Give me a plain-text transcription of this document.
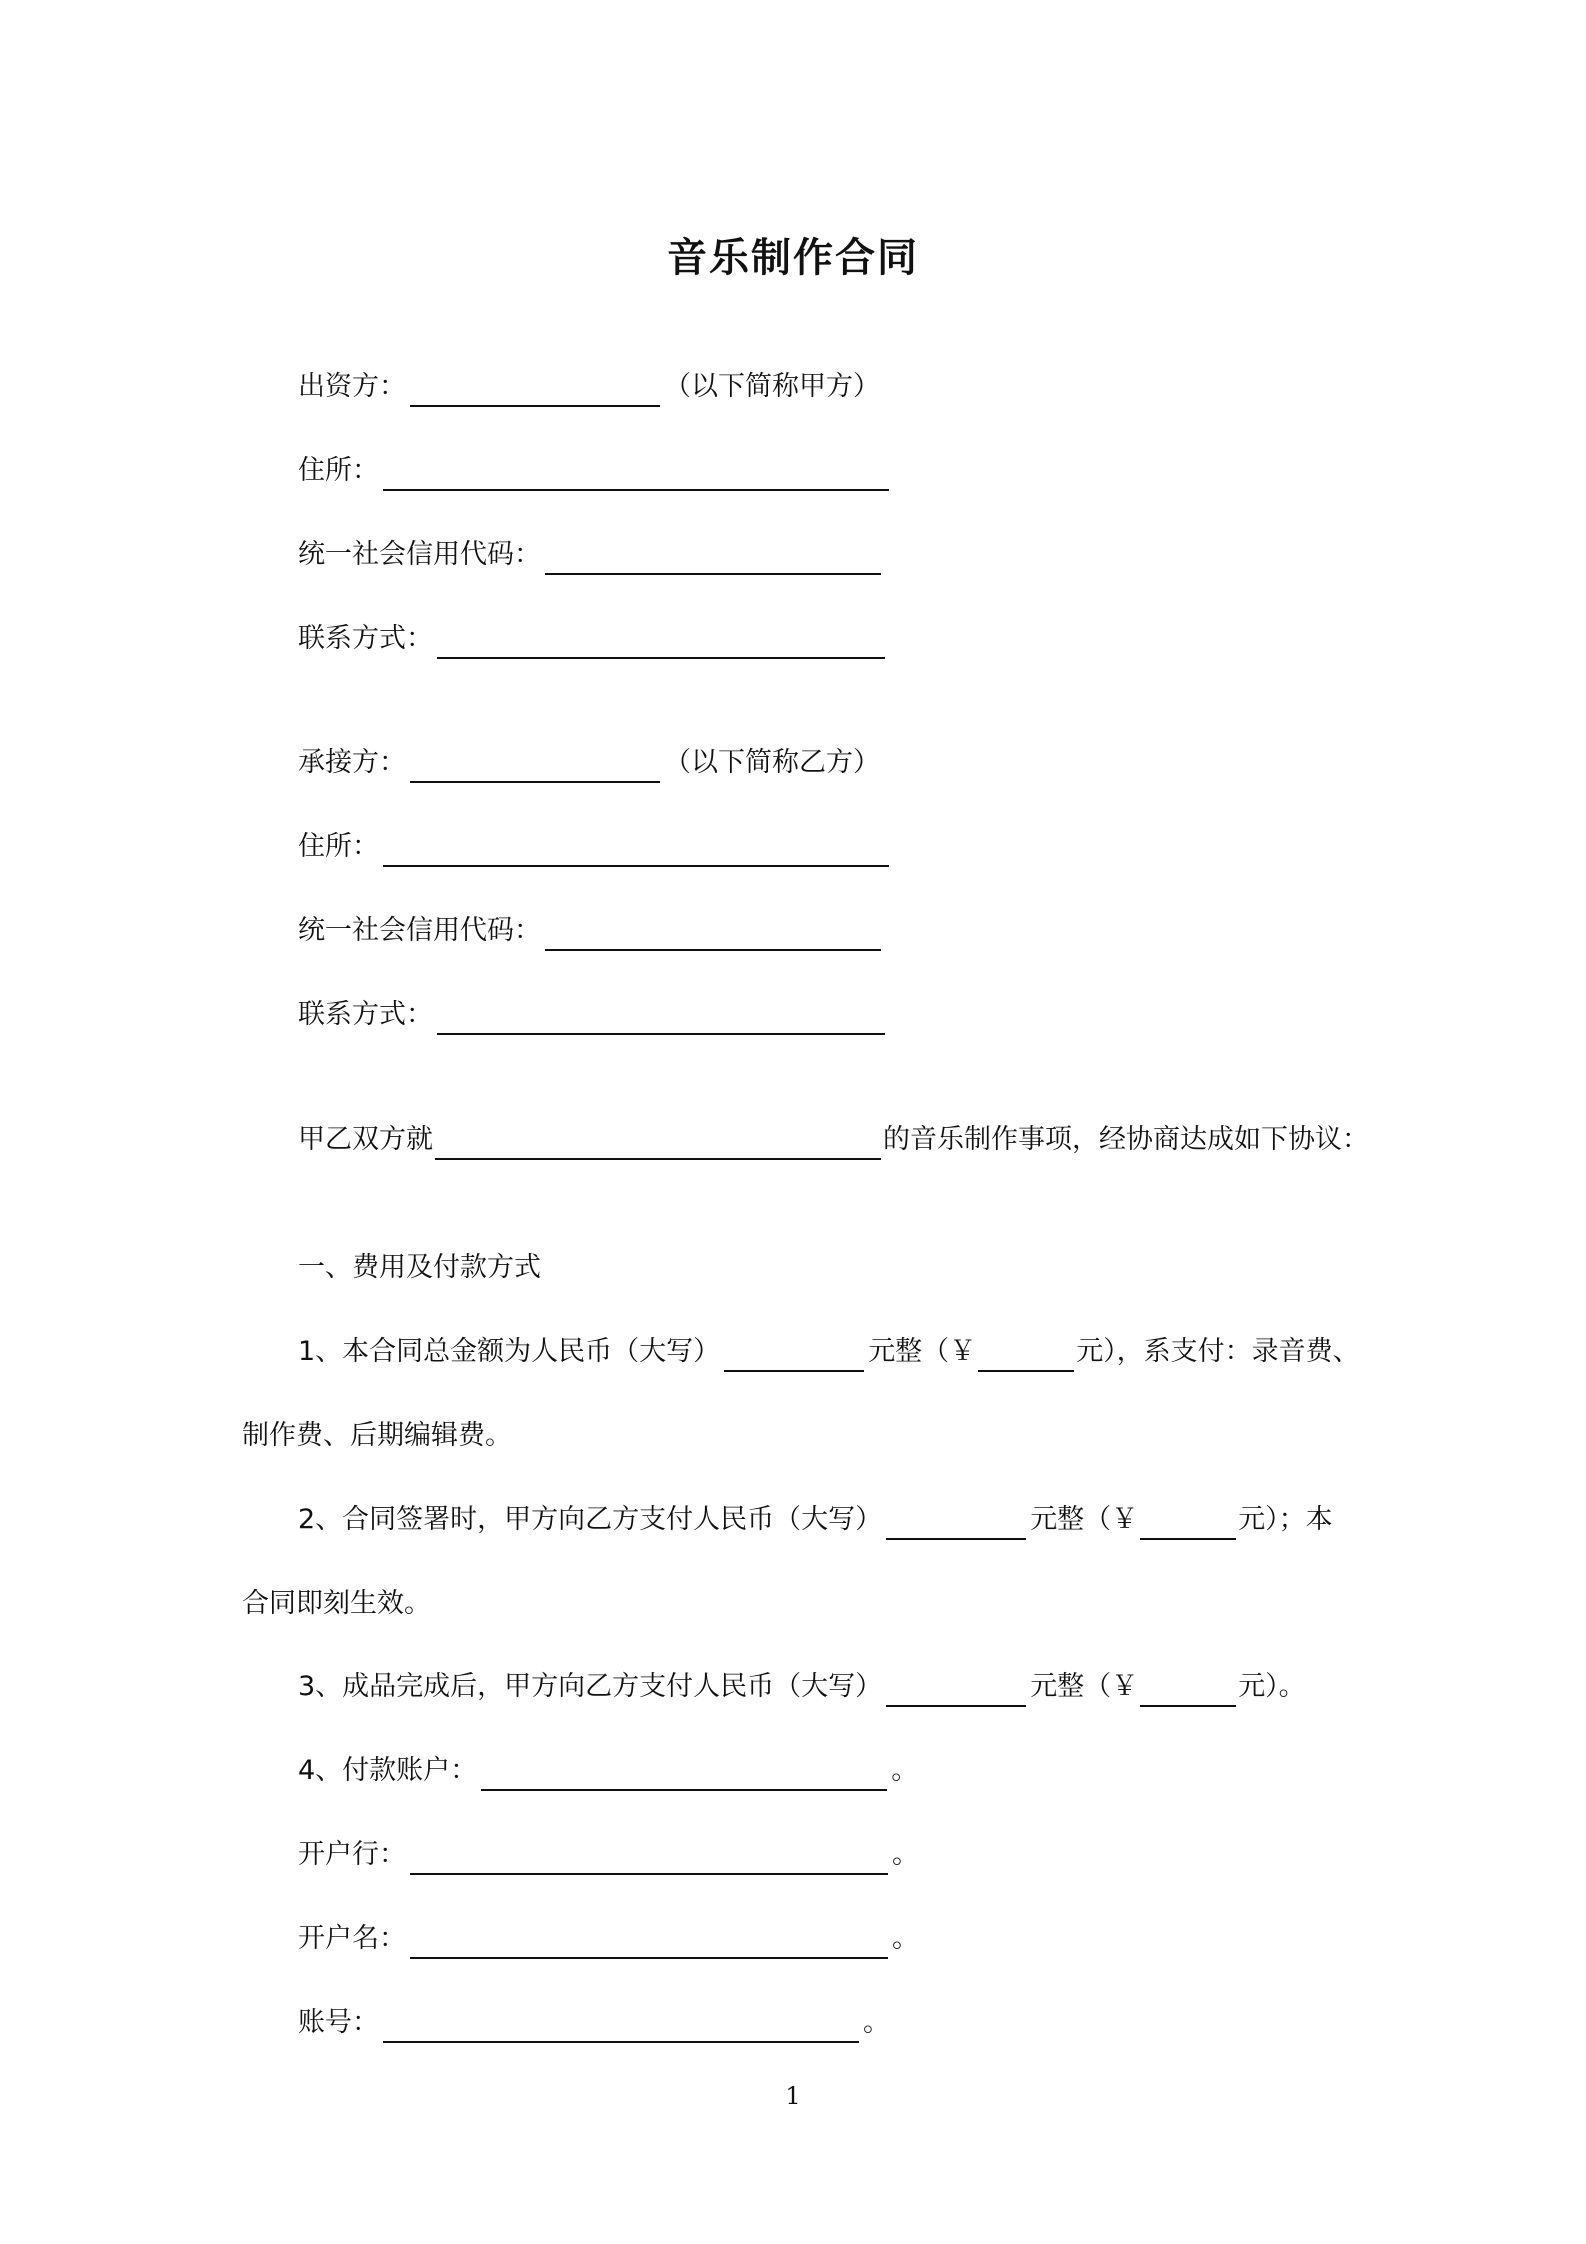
音乐制作合同
出资方：	（以下简称甲方）
住所：
统一社会信用代码：
联系方式：
承接方：	（以下简称乙方）
住所：
统一社会信用代码：
联系方式：
甲乙双方就	的音乐制作事项，经协商达成如下协议：
一、费用及付款方式
1、本合同总金额为人民币（大写）	元整（￥	元），系支付：录音费、
制作费、后期编辑费。
2、合同签署时，甲方向乙方支付人民币（大写）	元整（￥	元）；本
合同即刻生效。
3、成品完成后，甲方向乙方支付人民币（大写）	元整（￥	元）。
4、付款账户：	。
开户行：	。
开户名：	。
账号：	。
1
